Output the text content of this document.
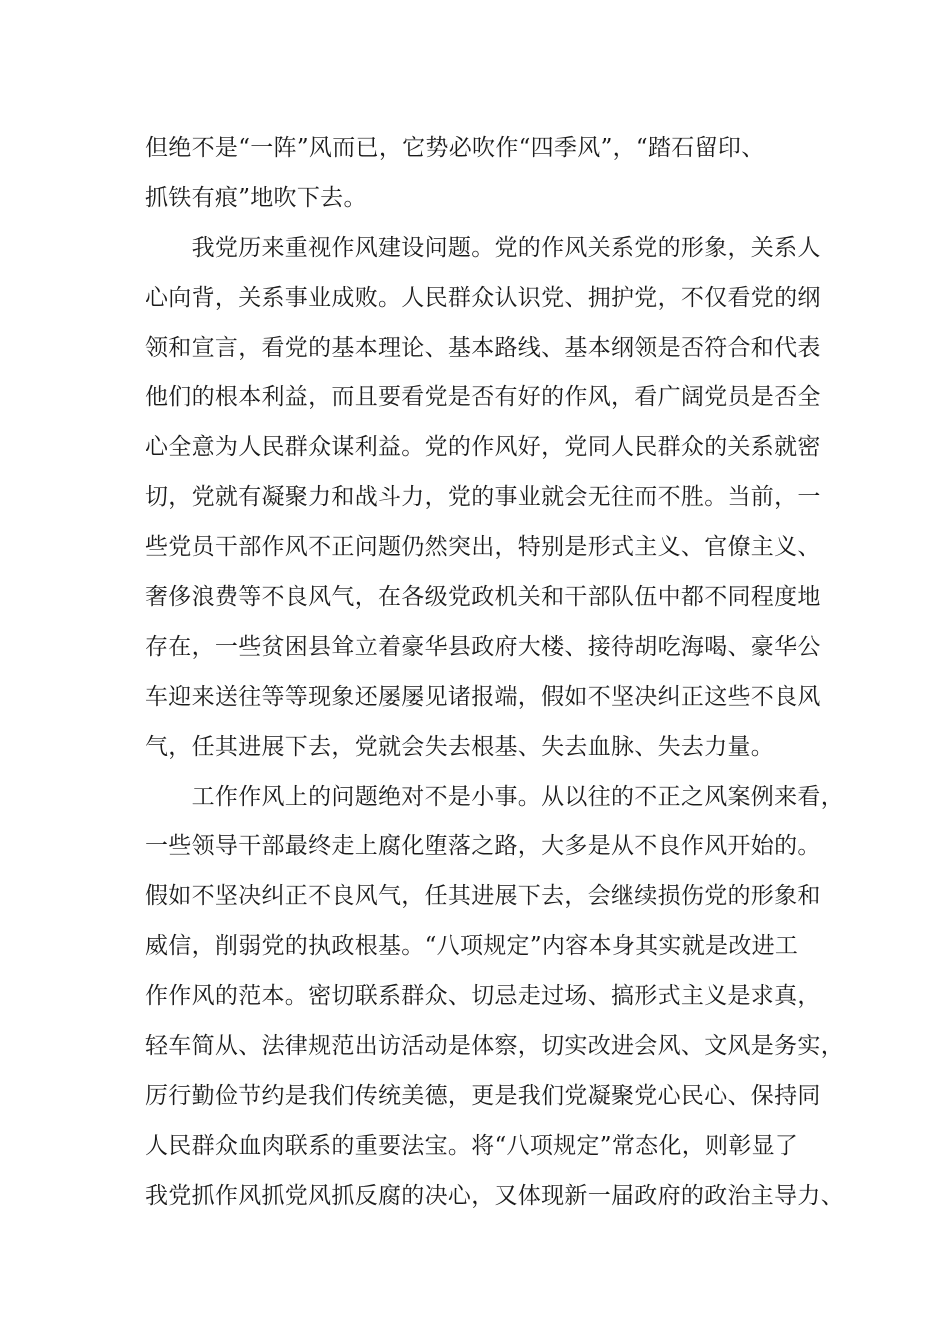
但绝不是“一阵”风而已，它势必吹作“四季风”，“踏石留印、
抓铁有痕”地吹下去。
　　我党历来重视作风建设问题。党的作风关系党的形象，关系人
心向背，关系事业成败。人民群众认识党、拥护党，不仅看党的纲
领和宣言，看党的基本理论、基本路线、基本纲领是否符合和代表
他们的根本利益，而且要看党是否有好的作风，看广阔党员是否全
心全意为人民群众谋利益。党的作风好，党同人民群众的关系就密
切，党就有凝聚力和战斗力，党的事业就会无往而不胜。当前，一
些党员干部作风不正问题仍然突出，特别是形式主义、官僚主义、
奢侈浪费等不良风气，在各级党政机关和干部队伍中都不同程度地
存在，一些贫困县耸立着豪华县政府大楼、接待胡吃海喝、豪华公
车迎来送往等等现象还屡屡见诸报端，假如不坚决纠正这些不良风
气，任其进展下去，党就会失去根基、失去血脉、失去力量。
　　工作作风上的问题绝对不是小事。从以往的不正之风案例来看，
一些领导干部最终走上腐化堕落之路，大多是从不良作风开始的。
假如不坚决纠正不良风气，任其进展下去，会继续损伤党的形象和
威信，削弱党的执政根基。“八项规定”内容本身其实就是改进工
作作风的范本。密切联系群众、切忌走过场、搞形式主义是求真，
轻车简从、法律规范出访活动是体察，切实改进会风、文风是务实，
厉行勤俭节约是我们传统美德，更是我们党凝聚党心民心、保持同
人民群众血肉联系的重要法宝。将“八项规定”常态化，则彰显了
我党抓作风抓党风抓反腐的决心，又体现新一届政府的政治主导力、
